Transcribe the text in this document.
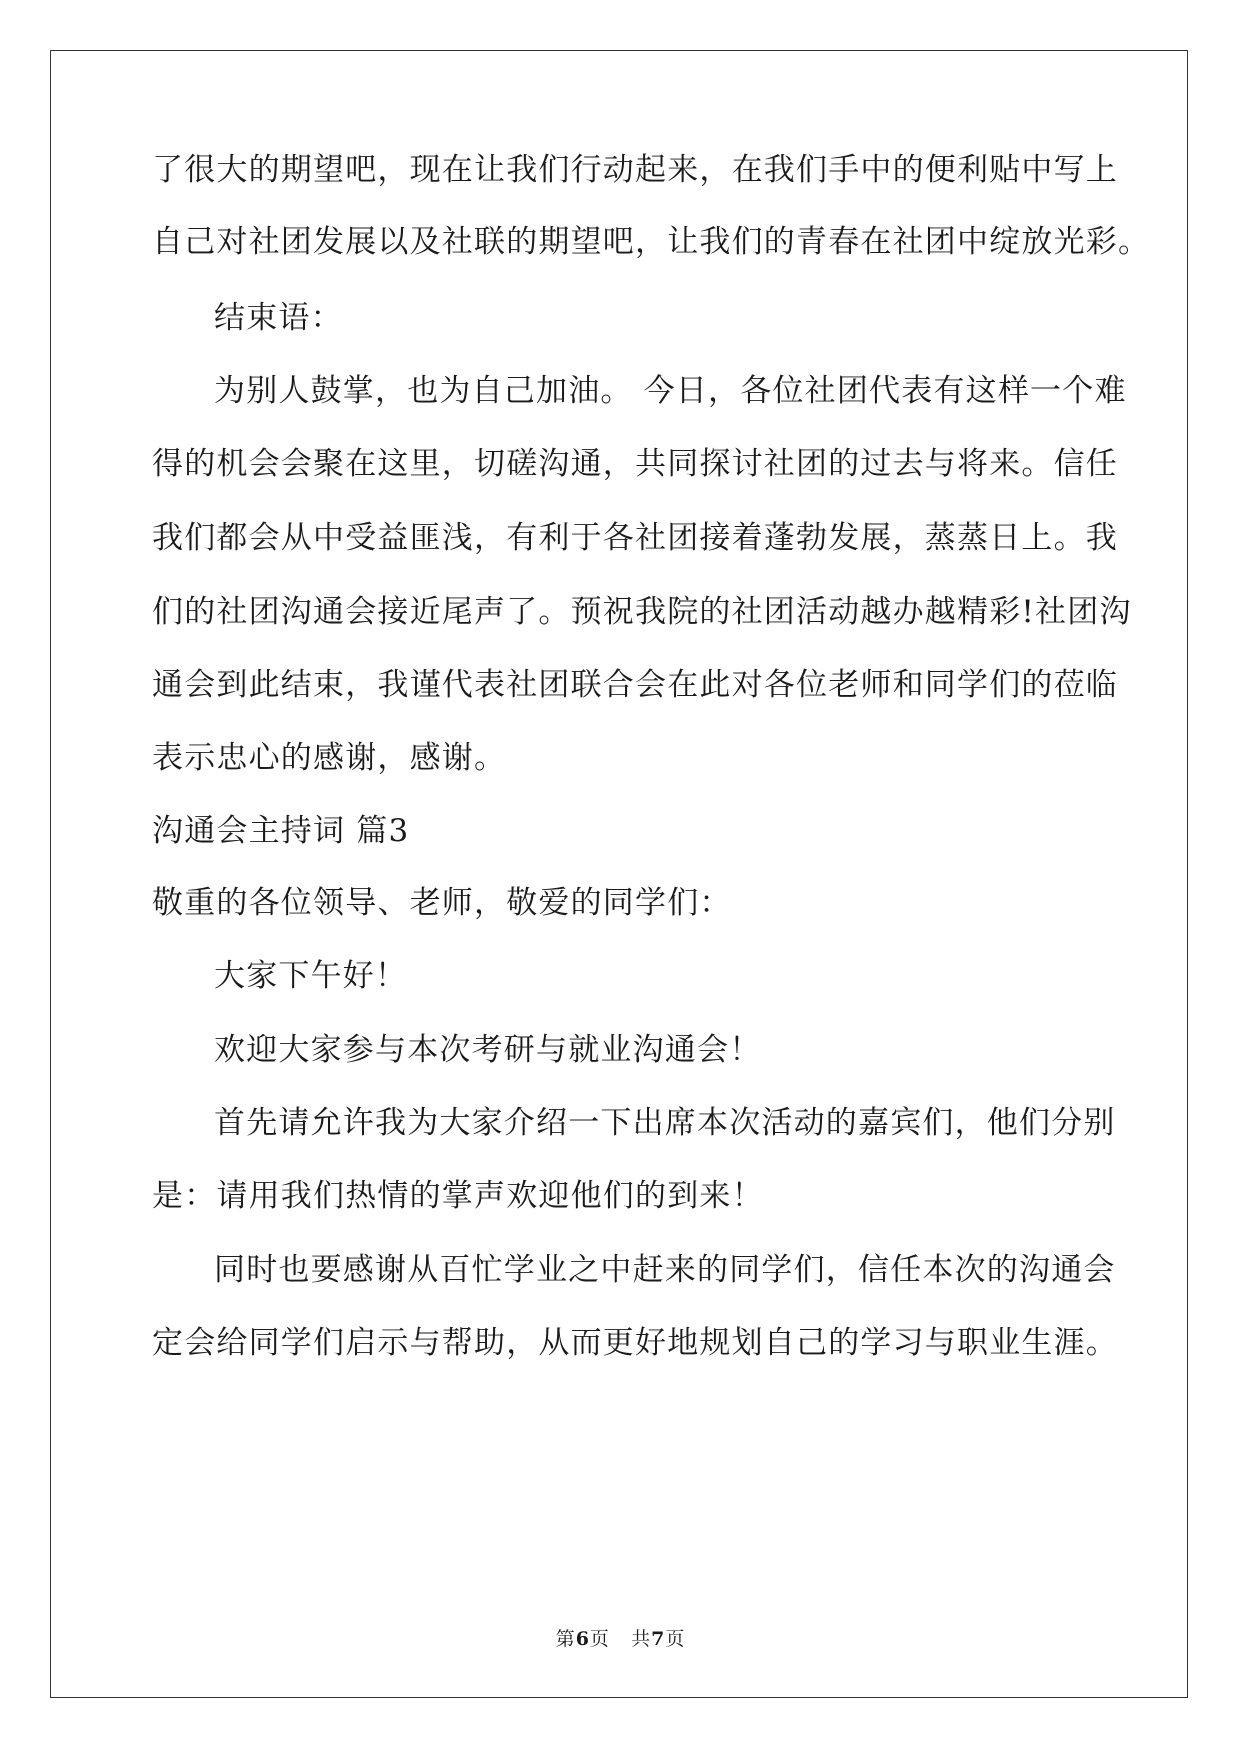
了很大的期望吧，现在让我们行动起来，在我们手中的便利贴中写上
自己对社团发展以及社联的期望吧，让我们的青春在社团中绽放光彩。
结束语：
为别人鼓掌，也为自己加油。 今日，各位社团代表有这样一个难
得的机会会聚在这里，切磋沟通，共同探讨社团的过去与将来。信任
我们都会从中受益匪浅，有利于各社团接着蓬勃发展，蒸蒸日上。我
们的社团沟通会接近尾声了。预祝我院的社团活动越办越精彩!社团沟
通会到此结束，我谨代表社团联合会在此对各位老师和同学们的莅临
表示忠心的感谢，感谢。
沟通会主持词 篇3
敬重的各位领导、老师，敬爱的同学们：
大家下午好！
欢迎大家参与本次考研与就业沟通会！
首先请允许我为大家介绍一下出席本次活动的嘉宾们，他们分别
是：请用我们热情的掌声欢迎他们的到来！
同时也要感谢从百忙学业之中赶来的同学们，信任本次的沟通会
定会给同学们启示与帮助，从而更好地规划自己的学习与职业生涯。
第6页 共7页
